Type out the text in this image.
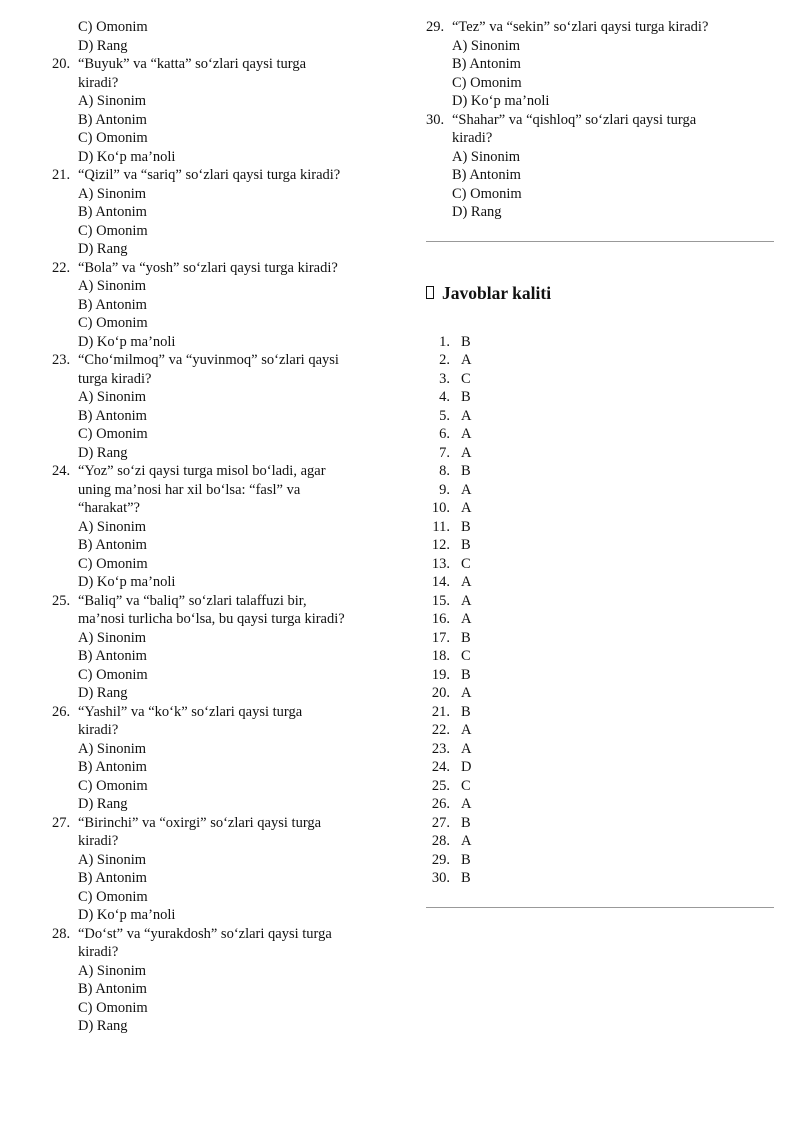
C) Omonim
D) Rang
20. “Buyuk” va “katta” so‘zlari qaysi turga
kiradi?
A) Sinonim
B) Antonim
C) Omonim
D) Ko‘p ma’noli
21. “Qizil” va “sariq” so‘zlari qaysi turga kiradi?
A) Sinonim
B) Antonim
C) Omonim
D) Rang
22. “Bola” va “yosh” so‘zlari qaysi turga kiradi?
A) Sinonim
B) Antonim
C) Omonim
D) Ko‘p ma’noli
23. “Cho‘milmoq” va “yuvinmoq” so‘zlari qaysi
turga kiradi?
A) Sinonim
B) Antonim
C) Omonim
D) Rang
24. “Yoz” so‘zi qaysi turga misol bo‘ladi, agar
uning ma’nosi har xil bo‘lsa: “fasl” va
“harakat”?
A) Sinonim
B) Antonim
C) Omonim
D) Ko‘p ma’noli
25. “Baliq” va “baliq” so‘zlari talaffuzi bir,
ma’nosi turlicha bo‘lsa, bu qaysi turga kiradi?
A) Sinonim
B) Antonim
C) Omonim
D) Rang
26. “Yashil” va “ko‘k” so‘zlari qaysi turga
kiradi?
A) Sinonim
B) Antonim
C) Omonim
D) Rang
27. “Birinchi” va “oxirgi” so‘zlari qaysi turga
kiradi?
A) Sinonim
B) Antonim
C) Omonim
D) Ko‘p ma’noli
28. “Do‘st” va “yurakdosh” so‘zlari qaysi turga
kiradi?
A) Sinonim
B) Antonim
C) Omonim
D) Rang
29. “Tez” va “sekin” so‘zlari qaysi turga kiradi?
A) Sinonim
B) Antonim
C) Omonim
D) Ko‘p ma’noli
30. “Shahar” va “qishloq” so‘zlari qaysi turga
kiradi?
A) Sinonim
B) Antonim
C) Omonim
D) Rang
Javoblar kaliti
1. B
2. A
3. C
4. B
5. A
6. A
7. A
8. B
9. A
10. A
11. B
12. B
13. C
14. A
15. A
16. A
17. B
18. C
19. B
20. A
21. B
22. A
23. A
24. D
25. C
26. A
27. B
28. A
29. B
30. B
